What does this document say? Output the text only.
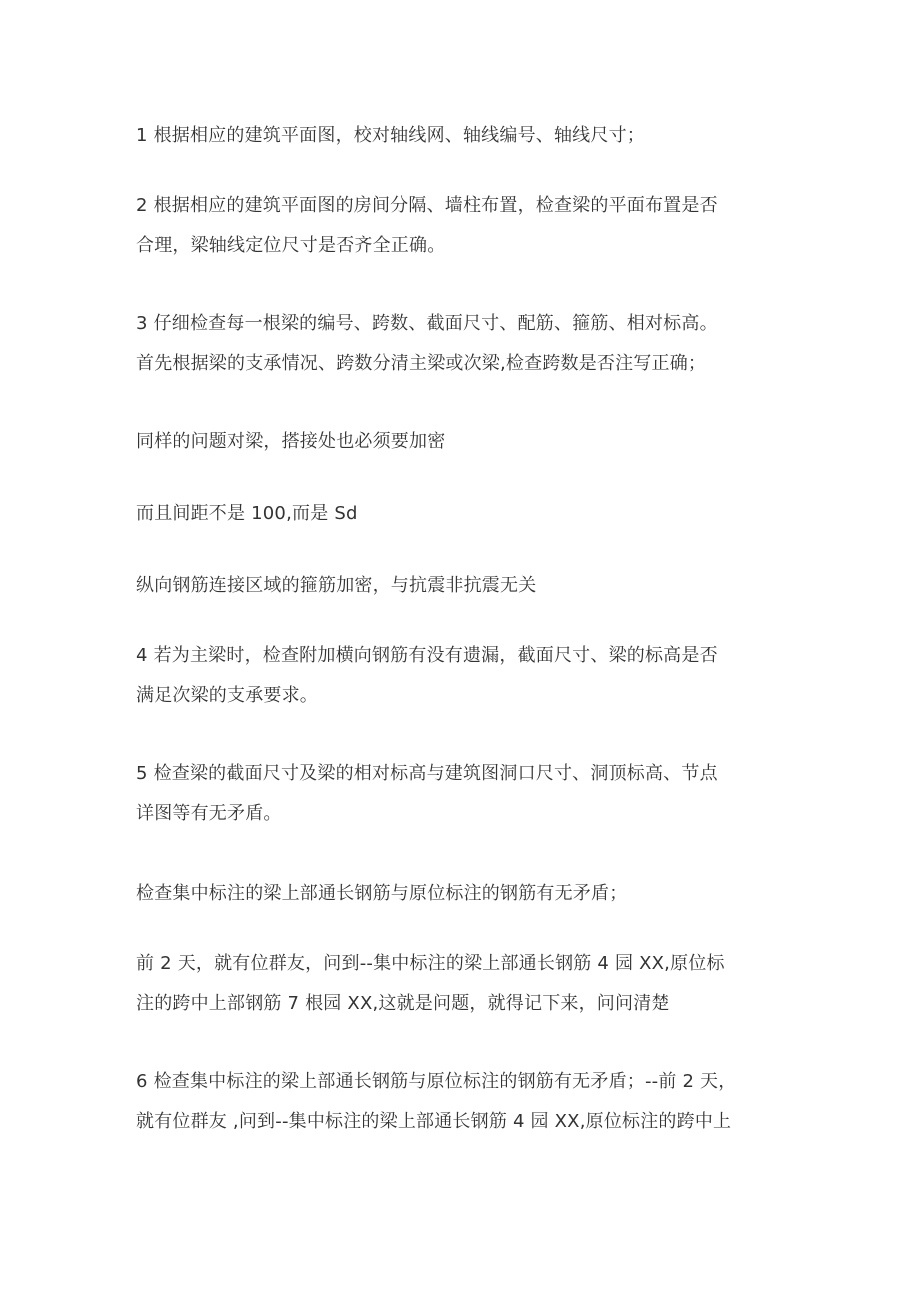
1 根据相应的建筑平面图，校对轴线网、轴线编号、轴线尺寸；
2 根据相应的建筑平面图的房间分隔、墙柱布置，检查梁的平面布置是否
合理，梁轴线定位尺寸是否齐全正确。
3 仔细检查每一根梁的编号、跨数、截面尺寸、配筋、箍筋、相对标高。
首先根据梁的支承情况、跨数分清主梁或次梁,检查跨数是否注写正确；
同样的问题对梁，搭接处也必须要加密
而且间距不是 100,而是 Sd
纵向钢筋连接区域的箍筋加密，与抗震非抗震无关
4 若为主梁时，检查附加横向钢筋有没有遗漏，截面尺寸、梁的标高是否
满足次梁的支承要求。
5 检查梁的截面尺寸及梁的相对标高与建筑图洞口尺寸、洞顶标高、节点
详图等有无矛盾。
检查集中标注的梁上部通长钢筋与原位标注的钢筋有无矛盾；
前 2 天，就有位群友，问到--集中标注的梁上部通长钢筋 4 园 XX,原位标
注的跨中上部钢筋 7 根园 XX,这就是问题，就得记下来，问问清楚
6 检查集中标注的梁上部通长钢筋与原位标注的钢筋有无矛盾；--前 2 天，
就有位群友 ,问到--集中标注的梁上部通长钢筋 4 园 XX,原位标注的跨中上
